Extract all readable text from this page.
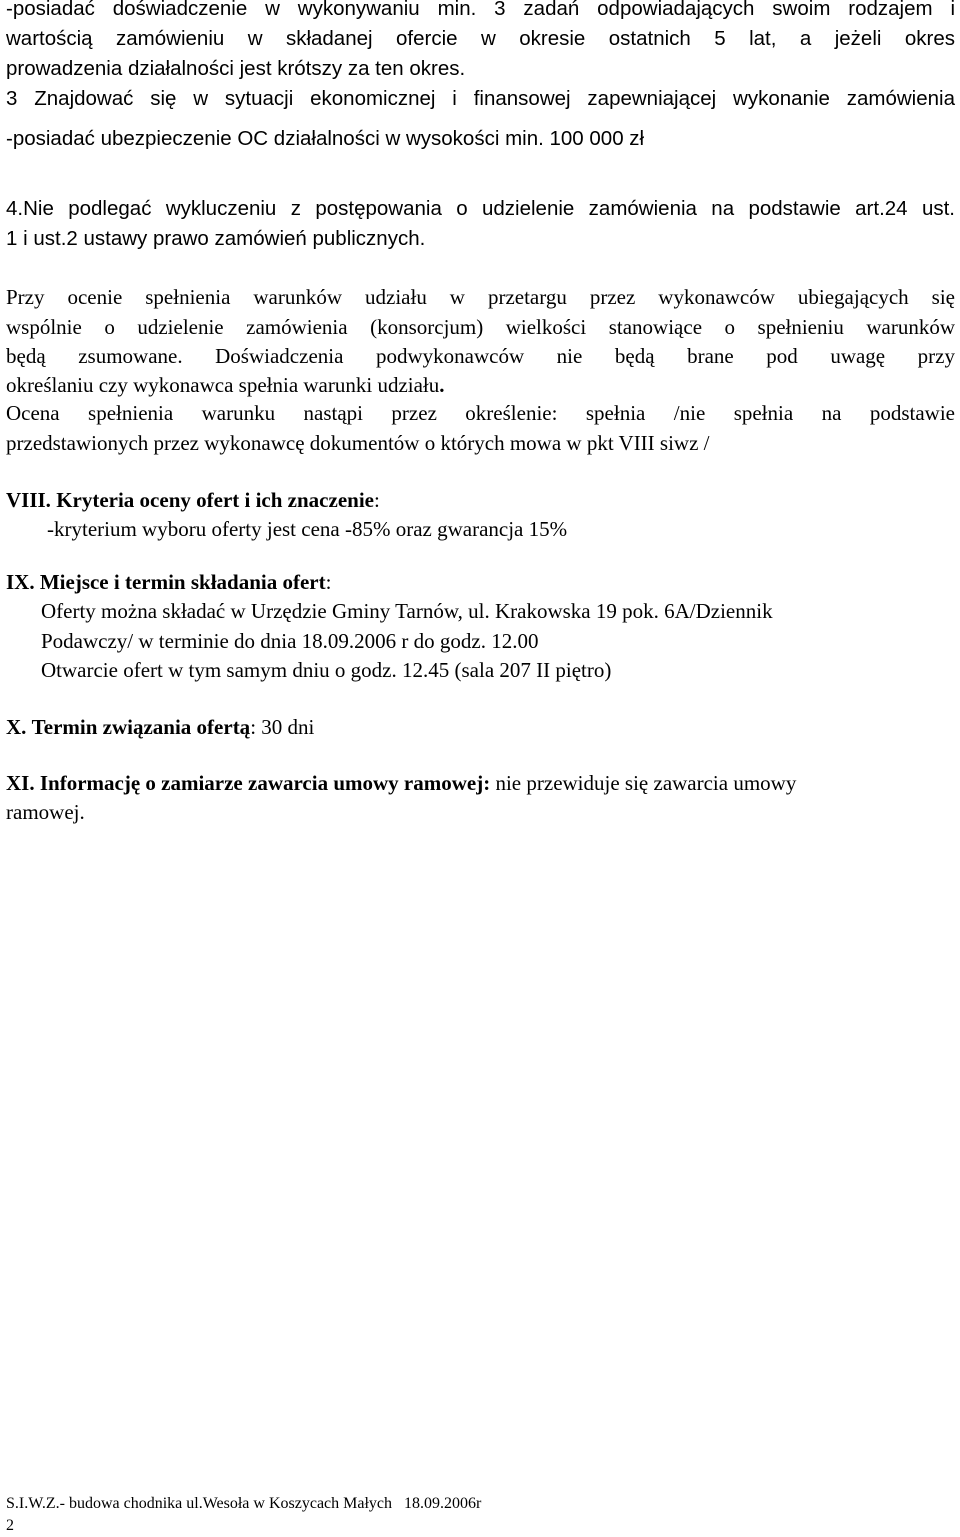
-posiadać doświadczenie w wykonywaniu min. 3 zadań odpowiadających swoim rodzajem i
wartością zamówieniu w składanej ofercie w okresie ostatnich 5 lat, a jeżeli okres
prowadzenia działalności jest krótszy za ten okres.
3 Znajdować się w sytuacji ekonomicznej i finansowej zapewniającej wykonanie zamówienia
-posiadać ubezpieczenie OC działalności w wysokości min. 100 000 zł
4.Nie podlegać wykluczeniu z postępowania o udzielenie zamówienia na podstawie art.24 ust.
1 i ust.2 ustawy prawo zamówień publicznych.
Przy ocenie spełnienia warunków udziału w przetargu przez wykonawców ubiegających się
wspólnie o udzielenie zamówienia (konsorcjum) wielkości stanowiące o spełnieniu warunków
będą zsumowane. Doświadczenia podwykonawców nie będą brane pod uwagę przy
określaniu czy wykonawca spełnia warunki udziału.
Ocena spełnienia warunku nastąpi przez określenie: spełnia /nie spełnia na podstawie
przedstawionych przez wykonawcę dokumentów o których mowa w pkt VIII siwz /
VIII. Kryteria oceny ofert i ich znaczenie:
-kryterium wyboru oferty jest cena -85% oraz gwarancja 15%
IX. Miejsce i termin składania ofert:
Oferty można składać w Urzędzie Gminy Tarnów, ul. Krakowska 19 pok. 6A/Dziennik
Podawczy/ w terminie do dnia 18.09.2006 r do godz. 12.00
Otwarcie ofert w tym samym dniu o godz. 12.45 (sala 207 II piętro)
X. Termin związania ofertą: 30 dni
XI. Informację o zamiarze zawarcia umowy ramowej: nie przewiduje się zawarcia umowy
ramowej.
S.I.W.Z.- budowa chodnika ul.Wesoła w Koszycach Małych 18.09.2006r
2
